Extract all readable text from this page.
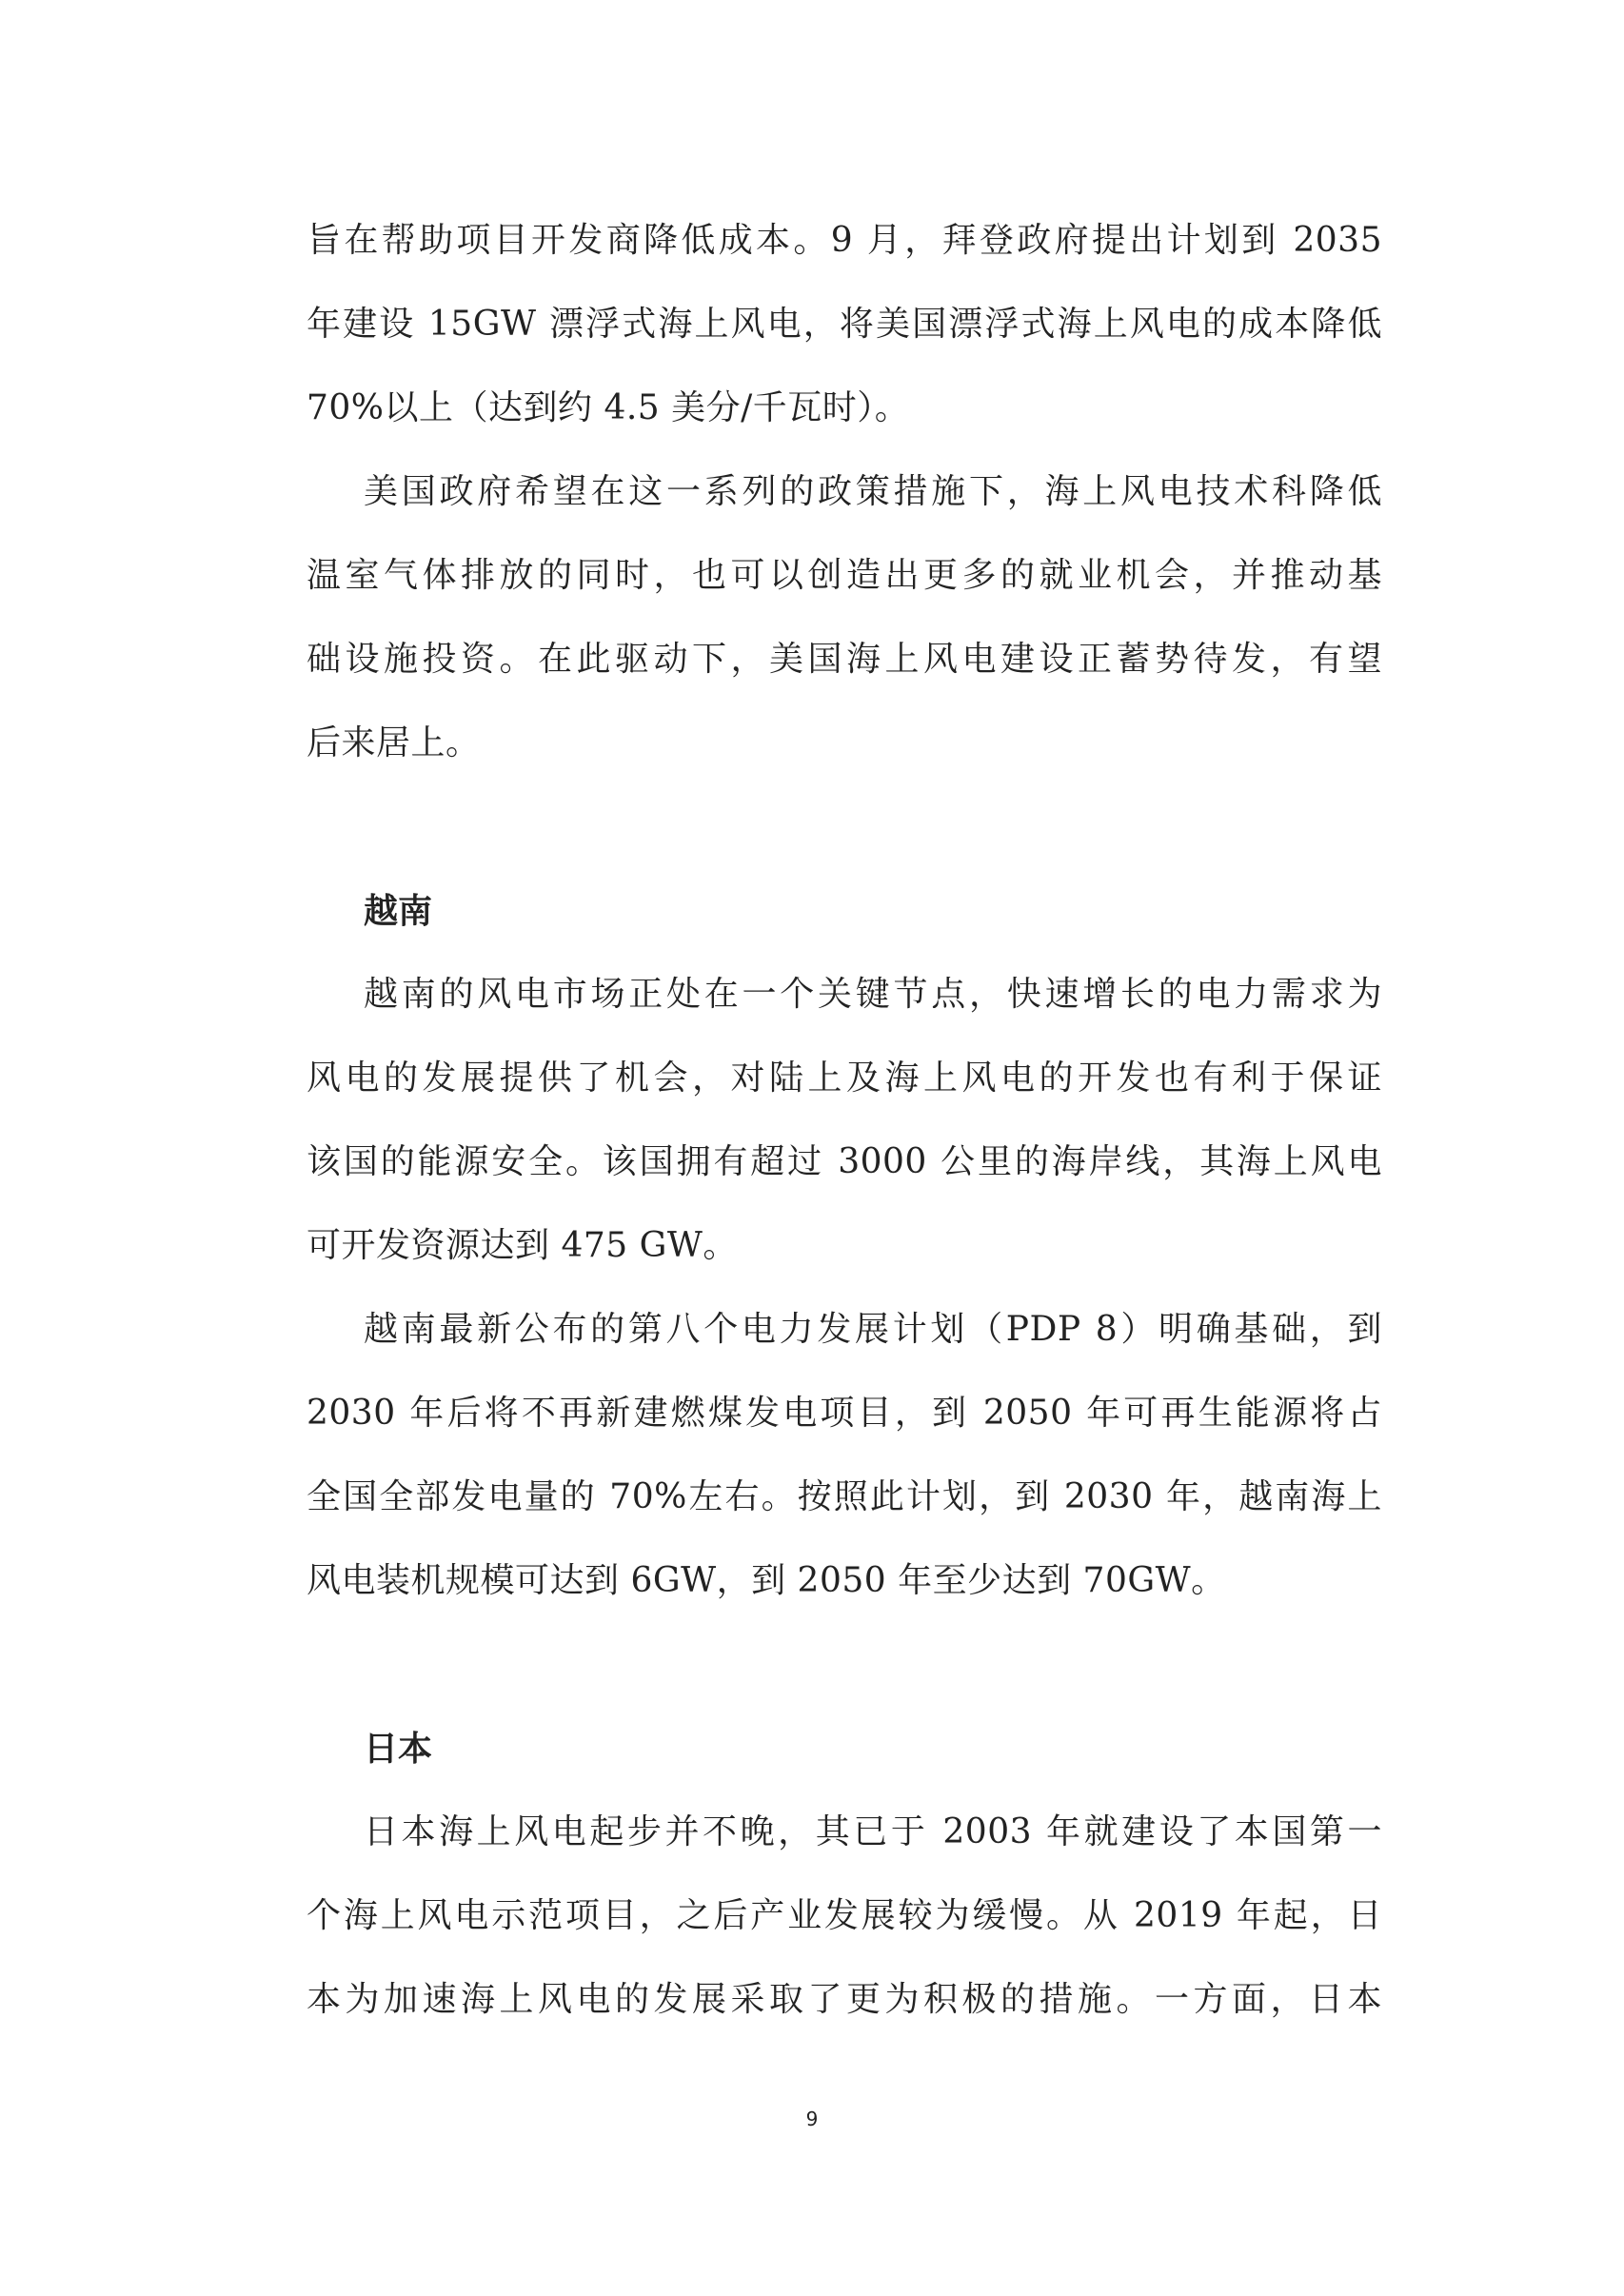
旨在帮助项目开发商降低成本。9 月，拜登政府提出计划到 2035
年建设 15GW 漂浮式海上风电，将美国漂浮式海上风电的成本降低
70%以上（达到约 4.5 美分/千瓦时）。
美国政府希望在这一系列的政策措施下，海上风电技术科降低
温室气体排放的同时，也可以创造出更多的就业机会，并推动基
础设施投资。在此驱动下，美国海上风电建设正蓄势待发，有望
后来居上。
越南
越南的风电市场正处在一个关键节点，快速增长的电力需求为
风电的发展提供了机会，对陆上及海上风电的开发也有利于保证
该国的能源安全。该国拥有超过 3000 公里的海岸线，其海上风电
可开发资源达到 475 GW。
越南最新公布的第八个电力发展计划（PDP 8）明确基础，到
2030 年后将不再新建燃煤发电项目，到 2050 年可再生能源将占
全国全部发电量的 70%左右。按照此计划，到 2030 年，越南海上
风电装机规模可达到 6GW，到 2050 年至少达到 70GW。
日本
日本海上风电起步并不晚，其已于 2003 年就建设了本国第一
个海上风电示范项目，之后产业发展较为缓慢。从 2019 年起，日
本为加速海上风电的发展采取了更为积极的措施。一方面，日本
9
